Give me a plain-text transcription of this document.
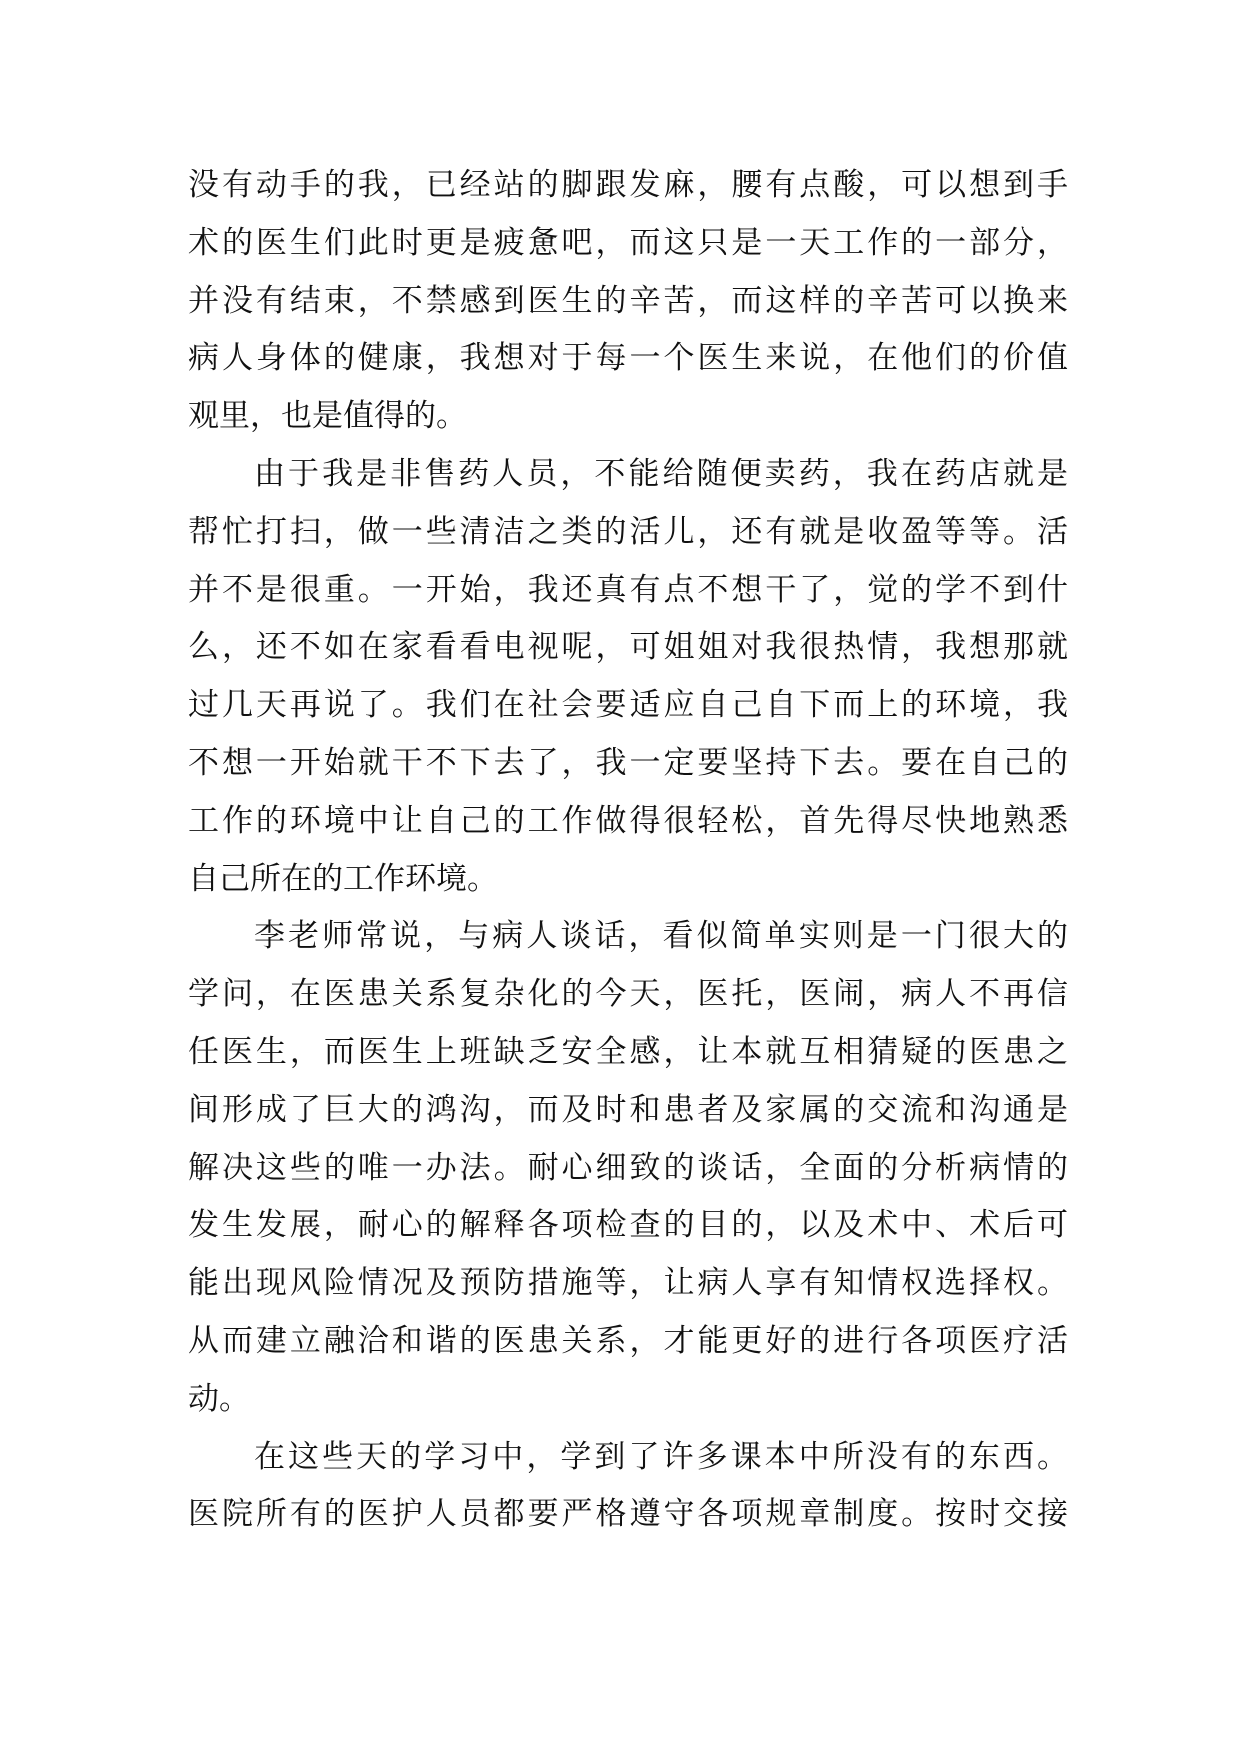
没有动手的我，已经站的脚跟发麻，腰有点酸，可以想到手
术的医生们此时更是疲惫吧，而这只是一天工作的一部分，
并没有结束，不禁感到医生的辛苦，而这样的辛苦可以换来
病人身体的健康，我想对于每一个医生来说，在他们的价值
观里，也是值得的。
由于我是非售药人员，不能给随便卖药，我在药店就是
帮忙打扫，做一些清洁之类的活儿，还有就是收盈等等。活
并不是很重。一开始，我还真有点不想干了，觉的学不到什
么，还不如在家看看电视呢，可姐姐对我很热情，我想那就
过几天再说了。我们在社会要适应自己自下而上的环境，我
不想一开始就干不下去了，我一定要坚持下去。要在自己的
工作的环境中让自己的工作做得很轻松，首先得尽快地熟悉
自己所在的工作环境。
李老师常说，与病人谈话，看似简单实则是一门很大的
学问，在医患关系复杂化的今天，医托，医闹，病人不再信
任医生，而医生上班缺乏安全感，让本就互相猜疑的医患之
间形成了巨大的鸿沟，而及时和患者及家属的交流和沟通是
解决这些的唯一办法。耐心细致的谈话，全面的分析病情的
发生发展，耐心的解释各项检查的目的，以及术中、术后可
能出现风险情况及预防措施等，让病人享有知情权选择权。
从而建立融洽和谐的医患关系，才能更好的进行各项医疗活
动。
在这些天的学习中，学到了许多课本中所没有的东西。
医院所有的医护人员都要严格遵守各项规章制度。按时交接
